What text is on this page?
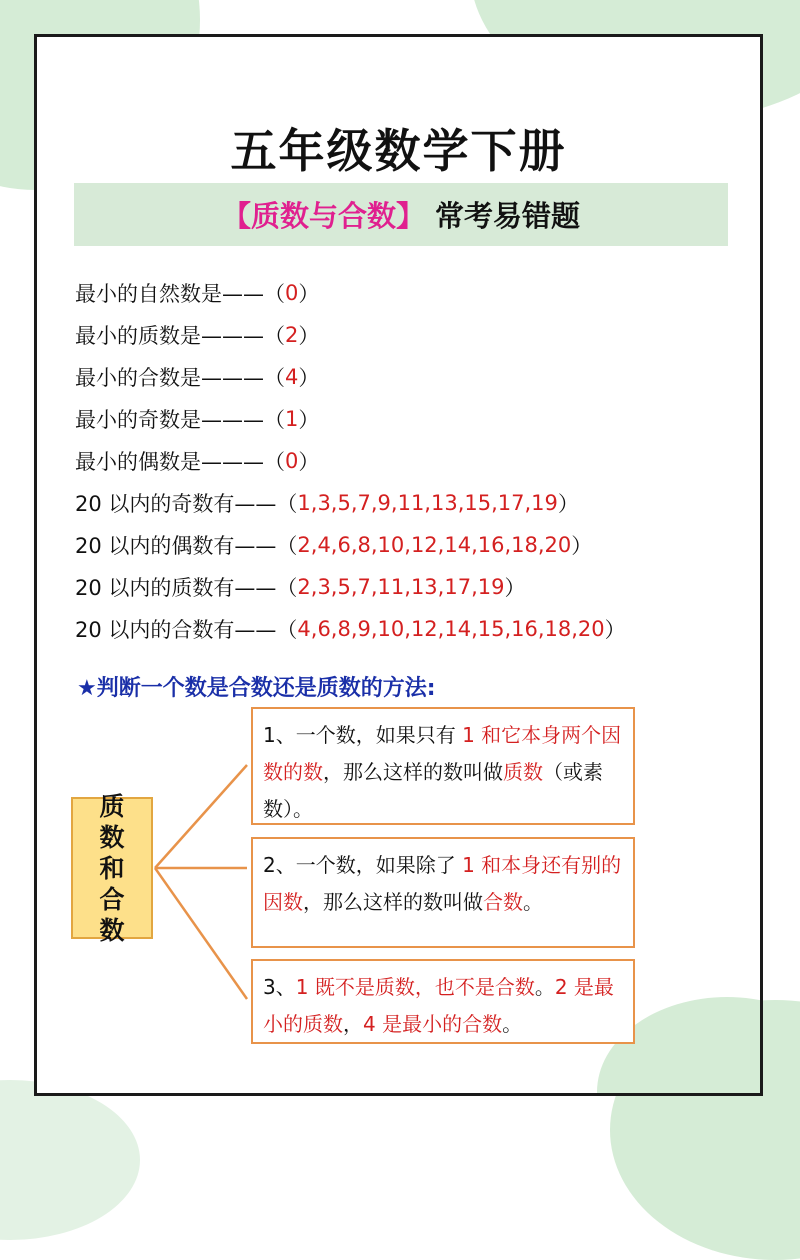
五年级数学下册
【质数与合数】 常考易错题
最小的自然数是—— （ 0 ）
最小的质数是——— （ 2 ）
最小的合数是——— （ 4 ）
最小的奇数是——— （ 1 ）
最小的偶数是——— （ 0 ）
20 以内的奇数有—— （ 1,3,5,7,9,11,13,15,17,19 ）
20 以内的偶数有—— （ 2,4,6,8,10,12,14,16,18,20 ）
20 以内的质数有—— （ 2,3,5,7,11,13,17,19 ）
20 以内的合数有—— （ 4,6,8,9,10,12,14,15,16,18,20 ）
★判断一个数是合数还是质数的方法:
质
数
和
合
数
1、一个数，如果只有 1 和它本身两个因数的数，那么这样的数叫做质数（或素数）。
2、一个数，如果除了 1 和本身还有别的因数，那么这样的数叫做合数。
3、1 既不是质数，也不是合数。2 是最小的质数，4 是最小的合数。
